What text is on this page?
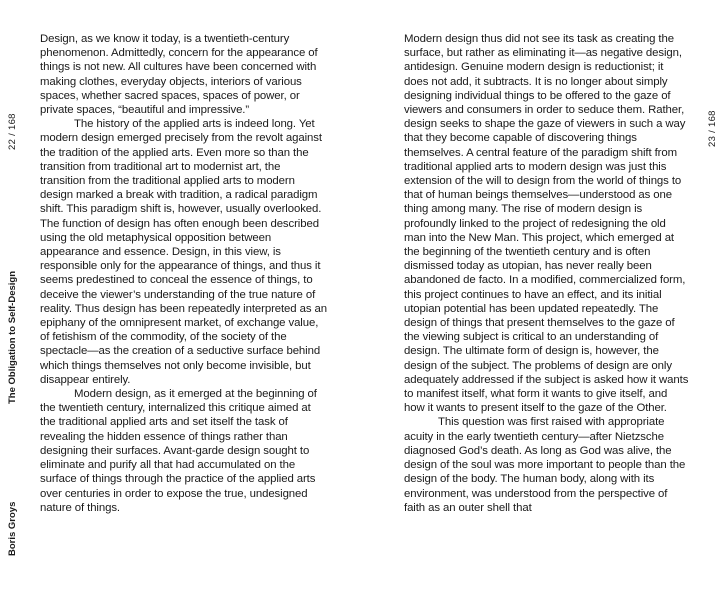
22 / 168
The Obligation to Self-Design
Boris Groys
23 / 168

Design, as we know it today, is a twentieth-century phenomenon. Admittedly, concern for the appearance of things is not new. All cultures have been concerned with making clothes, everyday objects, interiors of various spaces, whether sacred spaces, spaces of power, or private spaces, “beautiful and impressive.”

The history of the applied arts is indeed long. Yet modern design emerged precisely from the revolt against the tradition of the applied arts. Even more so than the transition from traditional art to modernist art, the transition from the traditional applied arts to modern design marked a break with tradition, a radical paradigm shift. This paradigm shift is, however, usually overlooked. The function of design has often enough been described using the old metaphysical opposition between appearance and essence. Design, in this view, is responsible only for the appearance of things, and thus it seems predestined to conceal the essence of things, to deceive the viewer’s understanding of the true nature of reality. Thus design has been repeatedly interpreted as an epiphany of the omnipresent market, of exchange value, of fetishism of the commodity, of the society of the spectacle—as the creation of a seductive surface behind which things themselves not only become invisible, but disappear entirely.

Modern design, as it emerged at the beginning of the twentieth century, internalized this critique aimed at the traditional applied arts and set itself the task of revealing the hidden essence of things rather than designing their surfaces. Avant-garde design sought to eliminate and purify all that had accumulated on the surface of things through the practice of the applied arts over centuries in order to expose the true, undesigned nature of things.

Modern design thus did not see its task as creating the surface, but rather as eliminating it—as negative design, antidesign. Genuine modern design is reductionist; it does not add, it subtracts. It is no longer about simply designing individual things to be offered to the gaze of viewers and consumers in order to seduce them. Rather, design seeks to shape the gaze of viewers in such a way that they become capable of discovering things themselves. A central feature of the paradigm shift from traditional applied arts to modern design was just this extension of the will to design from the world of things to that of human beings themselves—understood as one thing among many. The rise of modern design is profoundly linked to the project of redesigning the old man into the New Man. This project, which emerged at the beginning of the twentieth century and is often dismissed today as utopian, has never really been abandoned de facto. In a modified, commercialized form, this project continues to have an effect, and its initial utopian potential has been updated repeatedly. The design of things that present themselves to the gaze of the viewing subject is critical to an understanding of design. The ultimate form of design is, however, the design of the subject. The problems of design are only adequately addressed if the subject is asked how it wants to manifest itself, what form it wants to give itself, and how it wants to present itself to the gaze of the Other.

This question was first raised with appropriate acuity in the early twentieth century—after Nietzsche diagnosed God’s death. As long as God was alive, the design of the soul was more important to people than the design of the body. The human body, along with its environment, was understood from the perspective of faith as an outer shell that
